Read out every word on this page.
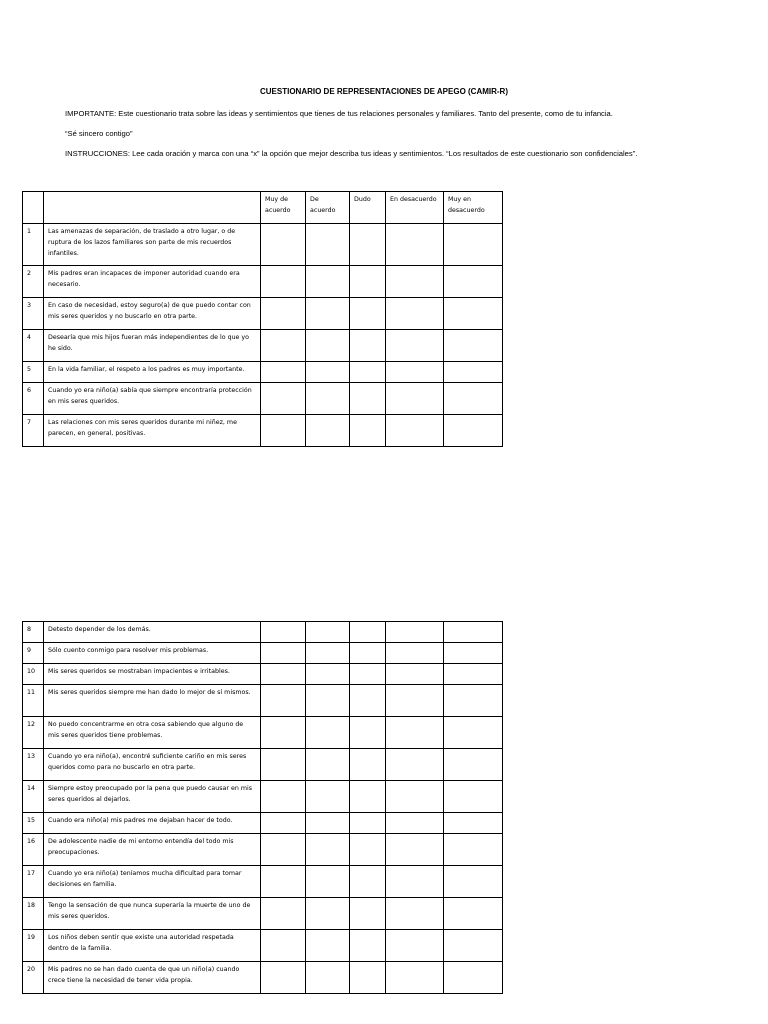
CUESTIONARIO DE REPRESENTACIONES DE APEGO (CAMIR-R)
IMPORTANTE: Este cuestionario trata sobre las ideas y sentimientos que tienes de tus relaciones personales y familiares. Tanto del presente, como de tu infancia.
“Sé sincero contigo”
INSTRUCCIONES: Lee cada oración y marca con una “x” la opción que mejor describa tus ideas y sentimientos. “Los resultados de este cuestionario son confidenciales”.
		Muy de acuerdo	De acuerdo	Dudo	En desacuerdo	Muy en desacuerdo
1	Las amenazas de separación, de traslado a otro lugar, o de ruptura de los lazos familiares son parte de mis recuerdos infantiles.					
2	Mis padres eran incapaces de imponer autoridad cuando era necesario.					
3	En caso de necesidad, estoy seguro(a) de que puedo contar con mis seres queridos y no buscarlo en otra parte.					
4	Desearía que mis hijos fueran más independientes de lo que yo he sido.					
5	En la vida familiar, el respeto a los padres es muy importante.					
6	Cuando yo era niño(a) sabía que siempre encontraría protección en mis seres queridos.					
7	Las relaciones con mis seres queridos durante mi niñez, me parecen, en general, positivas.					
8	Detesto depender de los demás.					
9	Sólo cuento conmigo para resolver mis problemas.					
10	Mis seres queridos se mostraban impacientes e irritables.					
11	Mis seres queridos siempre me han dado lo mejor de sí mismos.					
12	No puedo concentrarme en otra cosa sabiendo que alguno de mis seres queridos tiene problemas.					
13	Cuando yo era niño(a), encontré suficiente cariño en mis seres queridos como para no buscarlo en otra parte.					
14	Siempre estoy preocupado por la pena que puedo causar en mis seres queridos al dejarlos.					
15	Cuando era niño(a) mis padres me dejaban hacer de todo.					
16	De adolescente nadie de mi entorno entendía del todo mis preocupaciones.					
17	Cuando yo era niño(a) teníamos mucha dificultad para tomar decisiones en familia.					
18	Tengo la sensación de que nunca superaría la muerte de uno de mis seres queridos.					
19	Los niños deben sentir que existe una autoridad respetada dentro de la familia.					
20	Mis padres no se han dado cuenta de que un niño(a) cuando crece tiene la necesidad de tener vida propia.					
